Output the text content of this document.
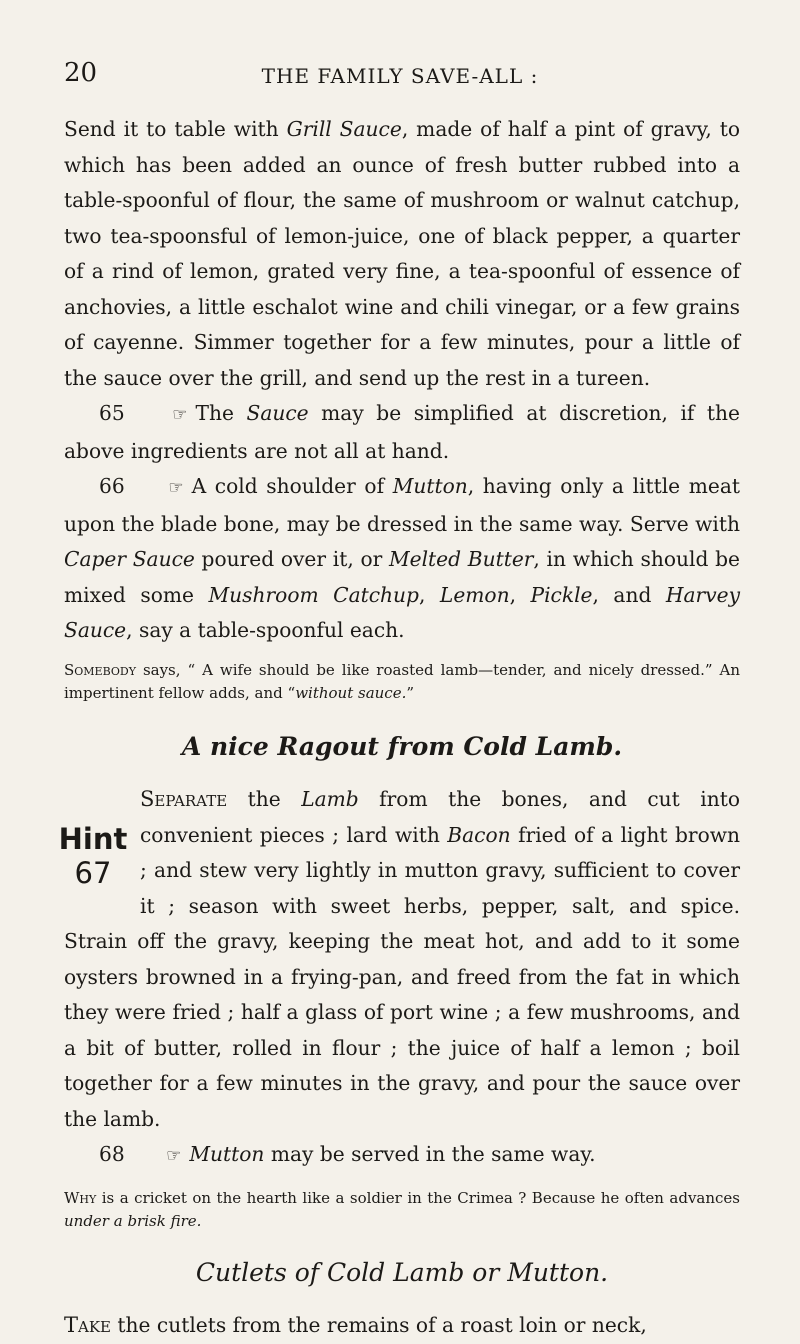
20	THE FAMILY SAVE-ALL :

Send it to table with Grill Sauce, made of half a pint of gravy, to which has been added an ounce of fresh butter rubbed into a table-spoonful of flour, the same of mushroom or walnut catchup, two tea-spoonsful of lemon-juice, one of black pepper, a quarter of a rind of lemon, grated very fine, a tea-spoonful of essence of anchovies, a little eschalot wine and chili vinegar, or a few grains of cayenne. Simmer together for a few minutes, pour a little of the sauce over the grill, and send up the rest in a tureen.

65	☞ The Sauce may be simplified at discretion, if the above ingredients are not all at hand.

66	☞ A cold shoulder of Mutton, having only a little meat upon the blade bone, may be dressed in the same way. Serve with Caper Sauce poured over it, or Melted Butter, in which should be mixed some Mushroom Catchup, Lemon, Pickle, and Harvey Sauce, say a table-spoonful each.

Somebody says, “ A wife should be like roasted lamb—tender, and nicely dressed.” An impertinent fellow adds, and “without sauce.”

A nice Ragout from Cold Lamb.

Separate the Lamb from the bones, and cut into convenient pieces ; lard with Bacon fried of a light brown ; and stew very lightly in mutton gravy, sufficient to cover it ; season with sweet herbs, pepper, salt, and spice. Strain off the gravy, keeping the meat hot, and add to it some oysters browned in a frying-pan, and freed from the fat in which they were fried ; half a glass of port wine ; a few mushrooms, and a bit of butter, rolled in flour ; the juice of half a lemon ; boil together for a few minutes in the gravy, and pour the sauce over the lamb.

68 ☞ Mutton may be served in the same way.

Why is a cricket on the hearth like a soldier in the Crimea ? Because he often advances under a brisk fire.

Cutlets of Cold Lamb or Mutton.

Take the cutlets from the remains of a roast loin or neck,

Hint
67
